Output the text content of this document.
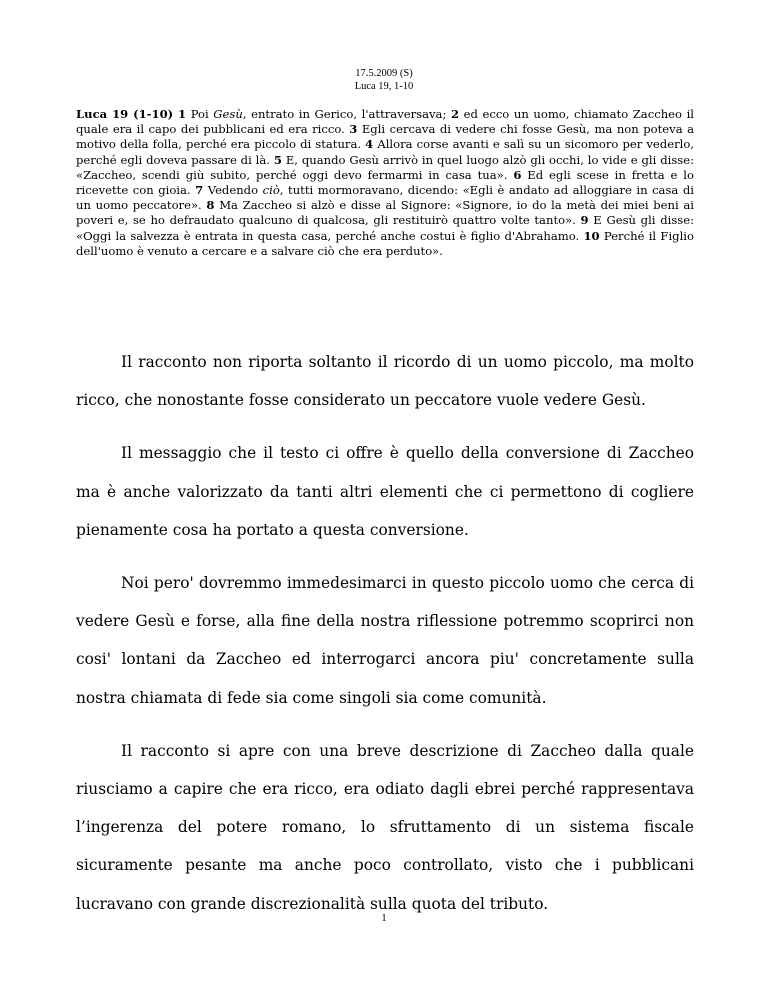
17.5.2009 (S)
Luca 19, 1-10
Luca 19 (1-10) 1 Poi Gesù, entrato in Gerico, l'attraversava; 2 ed ecco un uomo, chiamato Zaccheo il quale era il capo dei pubblicani ed era ricco. 3 Egli cercava di vedere chi fosse Gesù, ma non poteva a motivo della folla, perché era piccolo di statura. 4 Allora corse avanti e salì su un sicomoro per vederlo, perché egli doveva passare di là. 5 E, quando Gesù arrivò in quel luogo alzò gli occhi, lo vide e gli disse: «Zaccheo, scendi giù subito, perché oggi devo fermarmi in casa tua». 6 Ed egli scese in fretta e lo ricevette con gioia. 7 Vedendo ciò, tutti mormoravano, dicendo: «Egli è andato ad alloggiare in casa di un uomo peccatore». 8 Ma Zaccheo si alzò e disse al Signore: «Signore, io do la metà dei miei beni ai poveri e, se ho defraudato qualcuno di qualcosa, gli restituirò quattro volte tanto». 9 E Gesù gli disse: «Oggi la salvezza è entrata in questa casa, perché anche costui è figlio d'Abrahamo. 10 Perché il Figlio dell'uomo è venuto a cercare e a salvare ciò che era perduto».

Il racconto non riporta soltanto il ricordo di un uomo piccolo, ma molto ricco, che nonostante fosse considerato un peccatore vuole vedere Gesù.

Il messaggio che il testo ci offre è quello della conversione di Zaccheo ma è anche valorizzato da tanti altri elementi che ci permettono di cogliere pienamente cosa ha portato a questa conversione.

Noi pero' dovremmo immedesimarci in questo piccolo uomo che cerca di vedere Gesù e forse, alla fine della nostra riflessione potremmo scoprirci non cosi' lontani da Zaccheo ed interrogarci ancora piu' concretamente sulla nostra chiamata di fede sia come singoli sia come comunità.

Il racconto si apre con una breve descrizione di Zaccheo dalla quale riusciamo a capire che era ricco, era odiato dagli ebrei perché rappresentava l’ingerenza del potere romano, lo sfruttamento di un sistema fiscale sicuramente pesante ma anche poco controllato, visto che i pubblicani lucravano con grande discrezionalità sulla quota del tributo.

1
